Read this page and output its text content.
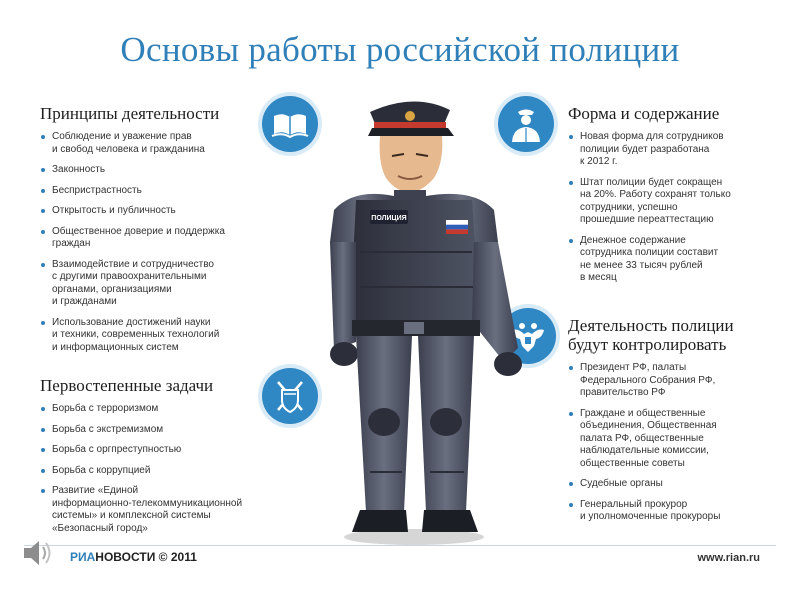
Основы работы российской полиции
Принципы деятельности
Соблюдение и уважение прав
и свобод человека и гражданина
Законность
Беспристрастность
Открытость и публичность
Общественное доверие и поддержка
граждан
Взаимодействие и сотрудничество
с другими правоохранительными
органами, организациями
и гражданами
Использование достижений науки
и техники, современных технологий
и информационных систем
Первостепенные задачи
Борьба с терроризмом
Борьба с экстремизмом
Борьба с оргпреступностью
Борьба с коррупцией
Развитие «Единой
информационно-телекоммуникационной
системы» и комплексной системы
«Безопасный город»
Форма и содержание
Новая форма для сотрудников
полиции будет разработана
к 2012 г.
Штат полиции будет сокращен
на 20%. Работу сохранят только
сотрудники, успешно
прошедшие переаттестацию
Денежное содержание
сотрудника полиции составит
не менее 33 тысяч рублей
в месяц
Деятельность полиции
будут контролировать
Президент РФ, палаты
Федерального Собрания РФ,
правительство РФ
Граждане и общественные
объединения, Общественная
палата РФ, общественные
наблюдательные комиссии,
общественные советы
Судебные органы
Генеральный прокурор
и уполномоченные прокуроры
ПОЛИЦИЯ
РИАНОВОСТИ © 2011	www.rian.ru
